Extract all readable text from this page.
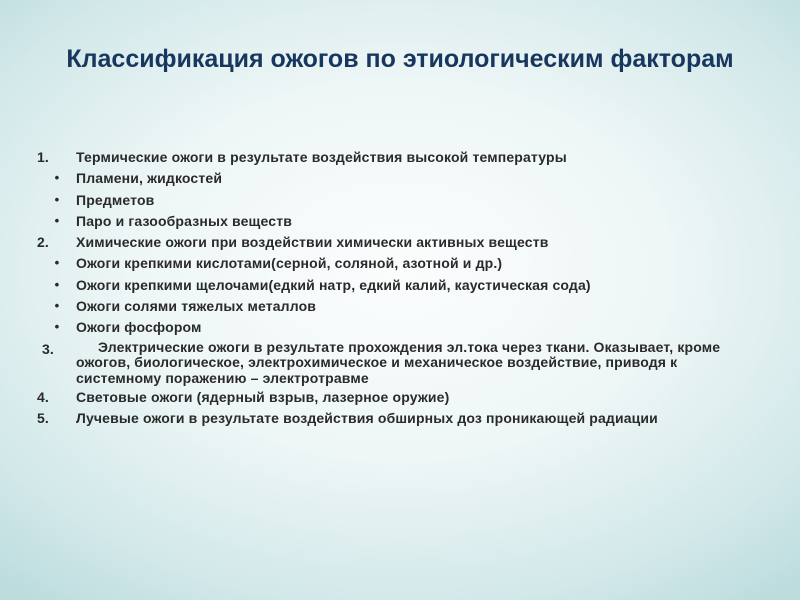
Классификация ожогов по этиологическим факторам
1.	Термические ожоги в результате воздействия высокой температуры
•	Пламени, жидкостей
•	Предметов
•	Паро и газообразных веществ
2.	Химические ожоги при воздействии химически активных веществ
•	Ожоги крепкими кислотами(серной, соляной, азотной и др.)
•	Ожоги крепкими щелочами(едкий натр, едкий калий, каустическая сода)
•	Ожоги солями тяжелых металлов
•	Ожоги фосфором
3.	Электрические ожоги в результате прохождения эл.тока через ткани. Оказывает, кроме ожогов, биологическое, электрохимическое и механическое воздействие, приводя к системному поражению – электротравме
4.	Световые ожоги (ядерный взрыв, лазерное оружие)
5.	Лучевые ожоги в результате воздействия обширных доз проникающей радиации
